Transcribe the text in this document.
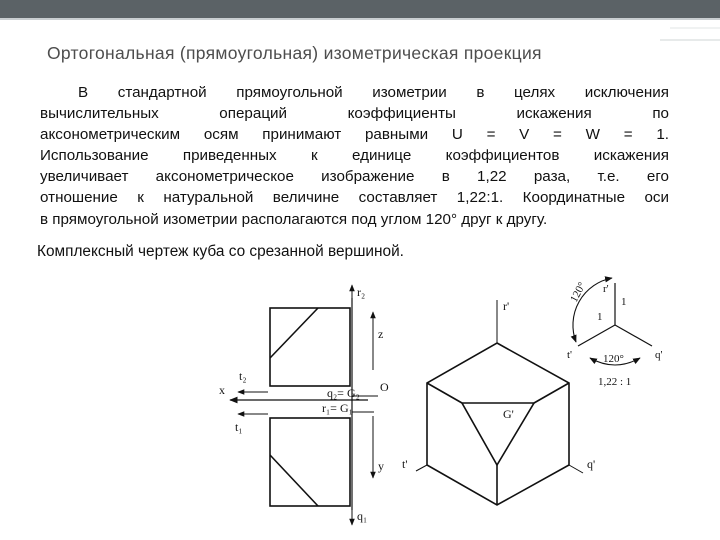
Ортогональная (прямоугольная) изометрическая проекция
В стандартной прямоугольной изометрии в целях исключения
вычислительных операций коэффициенты искажения по
аксонометрическим осям принимают равными U = V = W = 1.
Использование приведенных к единице коэффициентов искажения
увеличивает аксонометрическое изображение в 1,22 раза, т.е. его
отношение к натуральной величине составляет 1,22:1. Координатные оси
в прямоугольной изометрии располагаются под углом 120° друг к другу.
Комплексный чертеж куба со срезанной вершиной.
r₂
z
x
t₂
O
q₂= G₂
r₁= G₁
t₁
y
q₁
r'
G'
t'	q'
r'
t'	q'
120°
120°
1
1
1,22 : 1
